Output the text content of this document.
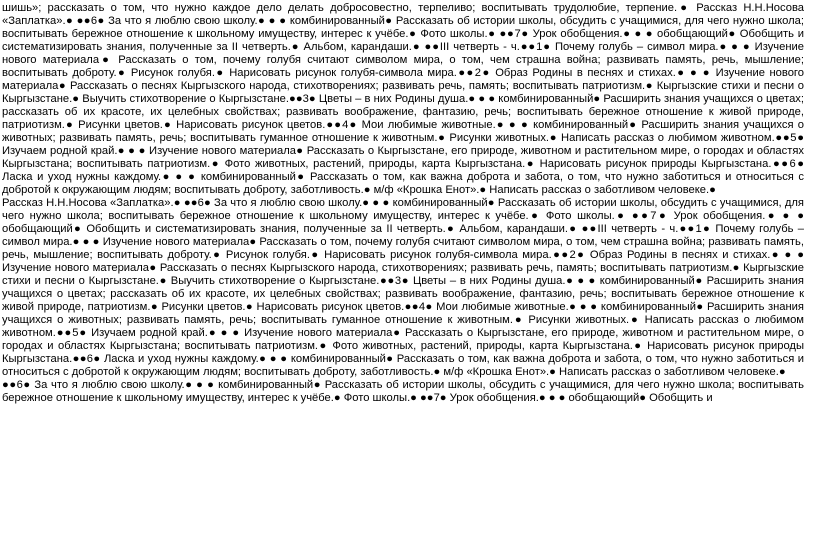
шишь»; рассказать о том, что нужно каждое дело делать добросовестно, терпеливо; воспитывать трудолюбие, терпение.● Рассказ Н.Н.Носова «Заплатка».● ●●6● За что я люблю свою школу.● ● ● комбинированный● Рассказать об истории школы, обсудить с учащимися, для чего нужно школа; воспитывать бережное отношение к школьному имуществу, интерес к учёбе.● Фото школы.● ●●7● Урок обобщения.● ● ● обобщающий● Обобщить и систематизировать знания, полученные за II четверть.● Альбом, карандаши.● ●●III четверть - ч.●●1● Почему голубь – символ мира.● ● ● Изучение нового материала● Рассказать о том, почему голубя считают символом мира, о том, чем страшна война; развивать память, речь, мышление; воспитывать доброту.● Рисунок голубя.● Нарисовать рисунок голубя-символа мира.●●2● Образ Родины в песнях и стихах.● ● ● Изучение нового материала● Рассказать о песнях Кыргызского народа, стихотворениях; развивать речь, память; воспитывать патриотизм.● Кыргызские стихи и песни о Кыргызстане.● Выучить стихотворение о Кыргызстане.●●3● Цветы – в них Родины душа.● ● ● комбинированный● Расширить знания учащихся о цветах; рассказать об их красоте, их целебных свойствах; развивать воображение, фантазию, речь; воспитывать бережное отношение к живой природе, патриотизм.● Рисунки цветов.● Нарисовать рисунок цветов.●●4● Мои любимые животные.● ● ● комбинированный● Расширить знания учащихся о животных; развивать память, речь; воспитывать гуманное отношение к животным.● Рисунки животных.● Написать рассказ о любимом животном.●●5● Изучаем родной край.● ● ● Изучение нового материала● Рассказать о Кыргызстане, его природе, животном и растительном мире, о городах и областях Кыргызстана; воспитывать патриотизм.● Фото животных, растений, природы, карта Кыргызстана.● Нарисовать рисунок природы Кыргызстана.●●6● Ласка и уход нужны каждому.● ● ● комбинированный● Рассказать о том, как важна доброта и забота, о том, что нужно заботиться и относиться с добротой к окружающим людям; воспитывать доброту, заботливость.● м/ф «Крошка Енот».● Написать рассказ о заботливом человеке.●
Рассказ Н.Н.Носова «Заплатка».● ●●6● За что я люблю свою школу.● ● ● комбинированный● Рассказать об истории школы, обсудить с учащимися, для чего нужно школа; воспитывать бережное отношение к школьному имуществу, интерес к учёбе.● Фото школы.● ●●7● Урок обобщения.● ● ● обобщающий● Обобщить и систематизировать знания, полученные за II четверть.● Альбом, карандаши.● ●●III четверть - ч.●●1● Почему голубь – символ мира.● ● ● Изучение нового материала● Рассказать о том, почему голубя считают символом мира, о том, чем страшна война; развивать память, речь, мышление; воспитывать доброту.● Рисунок голубя.● Нарисовать рисунок голубя-символа мира.●●2● Образ Родины в песнях и стихах.● ● ● Изучение нового материала● Рассказать о песнях Кыргызского народа, стихотворениях; развивать речь, память; воспитывать патриотизм.● Кыргызские стихи и песни о Кыргызстане.● Выучить стихотворение о Кыргызстане.●●3● Цветы – в них Родины душа.● ● ● комбинированный● Расширить знания учащихся о цветах; рассказать об их красоте, их целебных свойствах; развивать воображение, фантазию, речь; воспитывать бережное отношение к живой природе, патриотизм.● Рисунки цветов.● Нарисовать рисунок цветов.●●4● Мои любимые животные.● ● ● комбинированный● Расширить знания учащихся о животных; развивать память, речь; воспитывать гуманное отношение к животным.● Рисунки животных.● Написать рассказ о любимом животном.●●5● Изучаем родной край.● ● ● Изучение нового материала● Рассказать о Кыргызстане, его природе, животном и растительном мире, о городах и областях Кыргызстана; воспитывать патриотизм.● Фото животных, растений, природы, карта Кыргызстана.● Нарисовать рисунок природы Кыргызстана.●●6● Ласка и уход нужны каждому.● ● ● комбинированный● Рассказать о том, как важна доброта и забота, о том, что нужно заботиться и относиться с добротой к окружающим людям; воспитывать доброту, заботливость.● м/ф «Крошка Енот».● Написать рассказ о заботливом человеке.●
●●6● За что я люблю свою школу.● ● ● комбинированный● Рассказать об истории школы, обсудить с учащимися, для чего нужно школа; воспитывать бережное отношение к школьному имуществу, интерес к учёбе.● Фото школы.● ●●7● Урок обобщения.● ● ● обобщающий● Обобщить и
